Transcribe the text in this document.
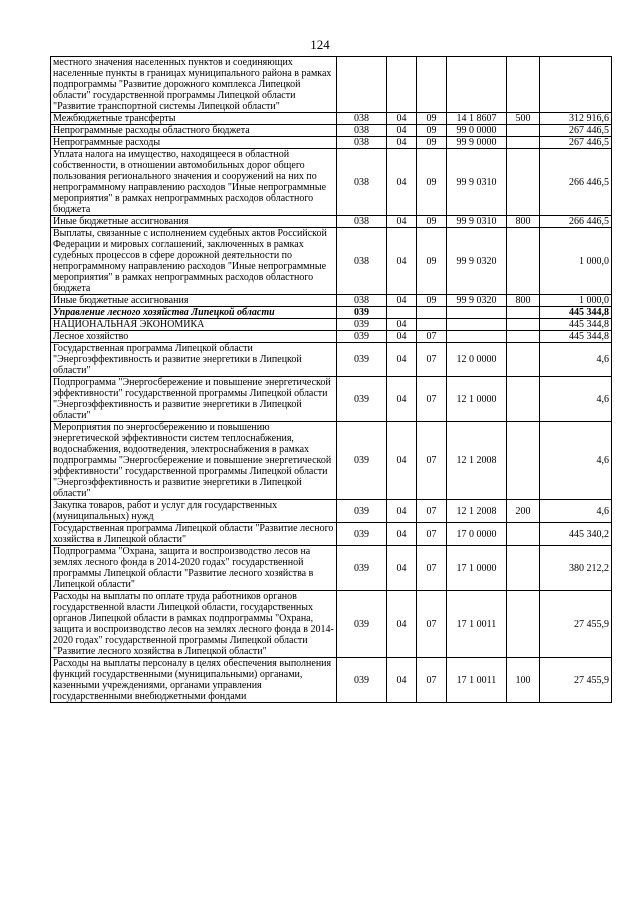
124
местного значения населенных пунктов и соединяющих населенные пункты в границах муниципального района в рамках подпрограммы "Развитие дорожного комплекса Липецкой области" государственной программы Липецкой области "Развитие транспортной системы Липецкой области"						
Межбюджетные трансферты	038	04	09	14 1 8607	500	312 916,6
Непрограммные расходы областного бюджета	038	04	09	99 0 0000		267 446,5
Непрограммные расходы	038	04	09	99 9 0000		267 446,5
Уплата налога на имущество, находящееся в областной собственности, в отношении автомобильных дорог общего пользования регионального значения и сооружений на них по непрограммному направлению расходов "Иные непрограммные мероприятия" в рамках непрограммных расходов областного бюджета	038	04	09	99 9 0310		266 446,5
Иные бюджетные ассигнования	038	04	09	99 9 0310	800	266 446,5
Выплаты, связанные с исполнением судебных актов Российской Федерации и мировых соглашений, заключенных в рамках судебных процессов в сфере дорожной деятельности по непрограммному направлению расходов "Иные непрограммные мероприятия" в рамках непрограммных расходов областного бюджета	038	04	09	99 9 0320		1 000,0
Иные бюджетные ассигнования	038	04	09	99 9 0320	800	1 000,0
Управление лесного хозяйства Липецкой области	039					445 344,8
НАЦИОНАЛЬНАЯ ЭКОНОМИКА	039	04				445 344,8
Лесное хозяйство	039	04	07			445 344,8
Государственная программа Липецкой области "Энергоэффективность и развитие энергетики в Липецкой области"	039	04	07	12 0 0000		4,6
Подпрограмма "Энергосбережение и повышение энергетической эффективности" государственной программы Липецкой области "Энергоэффективность и развитие энергетики в Липецкой области"	039	04	07	12 1 0000		4,6
Мероприятия по энергосбережению и повышению энергетической эффективности систем теплоснабжения, водоснабжения, водоотведения, электроснабжения в рамках подпрограммы "Энергосбережение и повышение энергетической эффективности" государственной программы Липецкой области "Энергоэффективность и развитие энергетики в Липецкой области"	039	04	07	12 1 2008		4,6
Закупка товаров, работ и услуг для государственных (муниципальных) нужд	039	04	07	12 1 2008	200	4,6
Государственная программа Липецкой области "Развитие лесного хозяйства в Липецкой области"	039	04	07	17 0 0000		445 340,2
Подпрограмма "Охрана, защита и воспроизводство лесов на землях лесного фонда в 2014-2020 годах" государственной программы Липецкой области "Развитие лесного хозяйства в Липецкой области"	039	04	07	17 1 0000		380 212,2
Расходы на выплаты по оплате труда работников органов государственной власти Липецкой области, государственных органов Липецкой области в рамках подпрограммы "Охрана, защита и воспроизводство лесов на землях лесного фонда в 2014-2020 годах" государственной программы Липецкой области "Развитие лесного хозяйства в Липецкой области"	039	04	07	17 1 0011		27 455,9
Расходы на выплаты персоналу в целях обеспечения выполнения функций государственными (муниципальными) органами, казенными учреждениями, органами управления государственными внебюджетными фондами	039	04	07	17 1 0011	100	27 455,9
